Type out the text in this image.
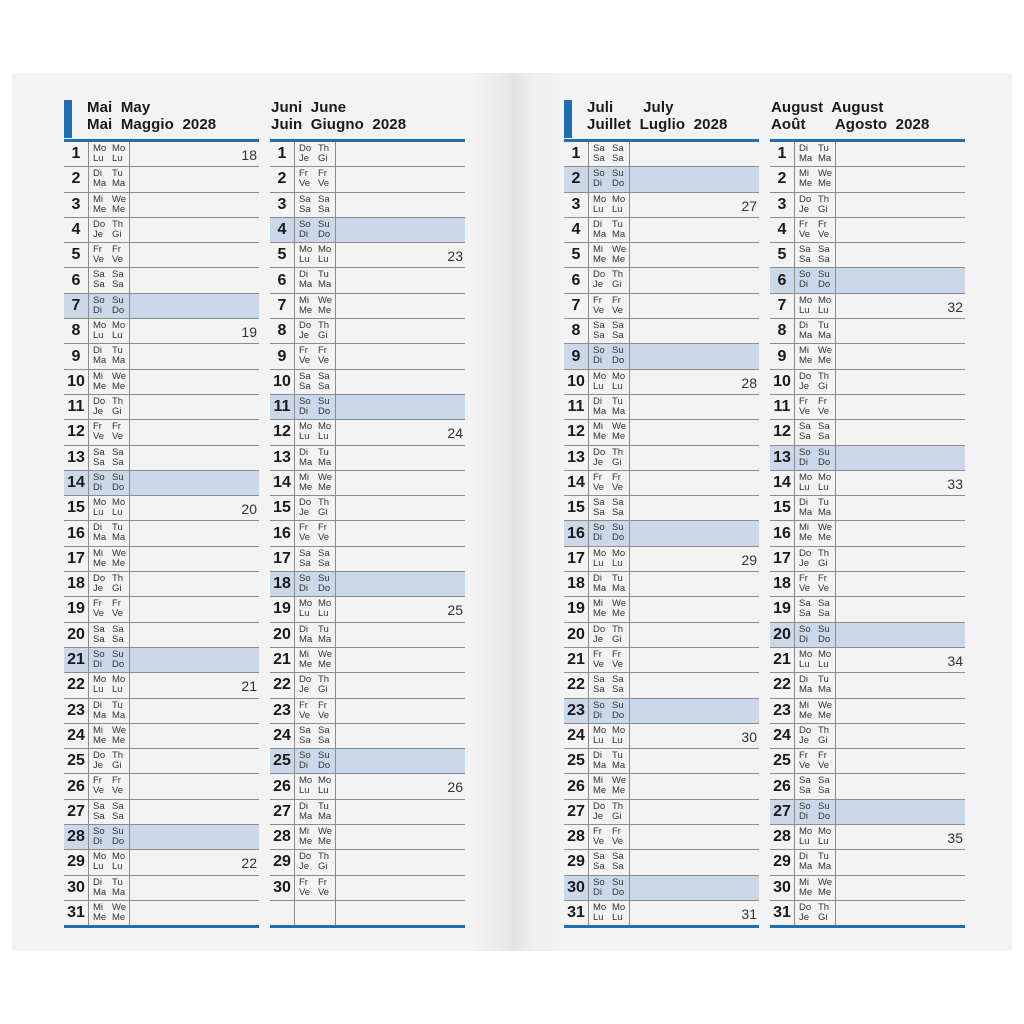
Mai  May
Mai  Maggio  2028
1	Mo Mo
Lu Lu	18
2	Di Tu
Ma Ma
3	Mi We
Me Me
4	Do Th
Je Gi
5	Fr Fr
Ve Ve
6	Sa Sa
Sa Sa
7	So Su
Di Do
8	Mo Mo
Lu Lu	19
9	Di Tu
Ma Ma
10 Mi We
Me Me
11 Do Th
Je Gi
12 Fr Fr
Ve Ve
13 Sa Sa
Sa Sa
14 So Su
Di Do
15 Mo Mo
Lu Lu	20
16 Di Tu
Ma Ma
17 Mi We
Me Me
18 Do Th
Je Gi
19 Fr Fr
Ve Ve
20 Sa Sa
Sa Sa
21 So Su
Di Do
22 Mo Mo
Lu Lu	21
23 Di Tu
Ma Ma
24 Mi We
Me Me
25 Do Th
Je Gi
26 Fr Fr
Ve Ve
27 Sa Sa
Sa Sa
28 So Su
Di Do
29 Mo Mo
Lu Lu	22
30 Di Tu
Ma Ma
31 Mi We
Me Me
Juni  June
Juin  Giugno  2028
1	Do Th
Je Gi
2	Fr Fr
Ve Ve
3	Sa Sa
Sa Sa
4	So Su
Di Do
5	Mo Mo
Lu Lu	23
6	Di Tu
Ma Ma
7	Mi We
Me Me
8	Do Th
Je Gi
9	Fr Fr
Ve Ve
10 Sa Sa
Sa Sa
11 So Su
Di Do
12 Mo Mo
Lu Lu	24
13 Di Tu
Ma Ma
14 Mi We
Me Me
15 Do Th
Je Gi
16 Fr Fr
Ve Ve
17 Sa Sa
Sa Sa
18 So Su
Di Do
19 Mo Mo
Lu Lu	25
20 Di Tu
Ma Ma
21 Mi We
Me Me
22 Do Th
Je Gi
23 Fr Fr
Ve Ve
24 Sa Sa
Sa Sa
25 So Su
Di Do
26 Mo Mo
Lu Lu	26
27 Di Tu
Ma Ma
28 Mi We
Me Me
29 Do Th
Je Gi
30 Fr Fr
Ve Ve
Juli       July
Juillet  Luglio  2028
1	Sa Sa
Sa Sa
2	So Su
Di Do
3	Mo Mo
Lu Lu	27
4	Di Tu
Ma Ma
5	Mi We
Me Me
6	Do Th
Je Gi
7	Fr Fr
Ve Ve
8	Sa Sa
Sa Sa
9	So Su
Di Do
10 Mo Mo
Lu Lu	28
11 Di Tu
Ma Ma
12 Mi We
Me Me
13 Do Th
Je Gi
14 Fr Fr
Ve Ve
15 Sa Sa
Sa Sa
16 So Su
Di Do
17 Mo Mo
Lu Lu	29
18 Di Tu
Ma Ma
19 Mi We
Me Me
20 Do Th
Je Gi
21 Fr Fr
Ve Ve
22 Sa Sa
Sa Sa
23 So Su
Di Do
24 Mo Mo
Lu Lu	30
25 Di Tu
Ma Ma
26 Mi We
Me Me
27 Do Th
Je Gi
28 Fr Fr
Ve Ve
29 Sa Sa
Sa Sa
30 So Su
Di Do
31 Mo Mo
Lu Lu	31
August  August
Août       Agosto  2028
1	Di Tu
Ma Ma
2	Mi We
Me Me
3	Do Th
Je Gi
4	Fr Fr
Ve Ve
5	Sa Sa
Sa Sa
6	So Su
Di Do
7	Mo Mo
Lu Lu	32
8	Di Tu
Ma Ma
9	Mi We
Me Me
10 Do Th
Je Gi
11 Fr Fr
Ve Ve
12 Sa Sa
Sa Sa
13 So Su
Di Do
14 Mo Mo
Lu Lu	33
15 Di Tu
Ma Ma
16 Mi We
Me Me
17 Do Th
Je Gi
18 Fr Fr
Ve Ve
19 Sa Sa
Sa Sa
20 So Su
Di Do
21 Mo Mo
Lu Lu	34
22 Di Tu
Ma Ma
23 Mi We
Me Me
24 Do Th
Je Gi
25 Fr Fr
Ve Ve
26 Sa Sa
Sa Sa
27 So Su
Di Do
28 Mo Mo
Lu Lu	35
29 Di Tu
Ma Ma
30 Mi We
Me Me
31 Do Th
Je Gi
